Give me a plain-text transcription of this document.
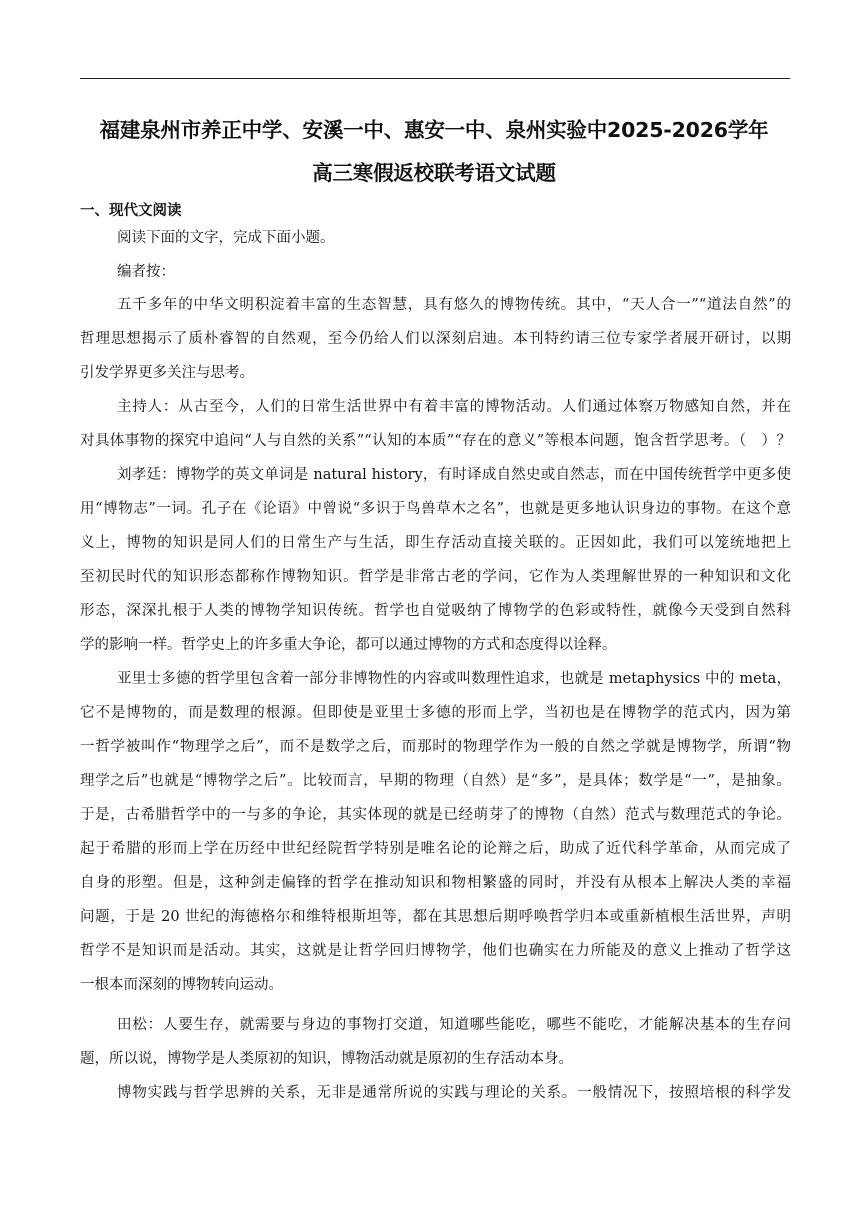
福建泉州市养正中学、安溪一中、惠安一中、泉州实验中2025-2026学年
高三寒假返校联考语文试题
一、现代文阅读

阅读下面的文字，完成下面小题。

编者按：

五千多年的中华文明积淀着丰富的生态智慧，具有悠久的博物传统。其中，“天人合一”“道法自然”的

哲理思想揭示了质朴睿智的自然观，至今仍给人们以深刻启迪。本刊特约请三位专家学者展开研讨，以期

引发学界更多关注与思考。

主持人：从古至今，人们的日常生活世界中有着丰富的博物活动。人们通过体察万物感知自然，并在

对具体事物的探究中追问“人与自然的关系”“认知的本质”“存在的意义”等根本问题，饱含哲学思考。（　）？

刘孝廷：博物学的英文单词是 natural history，有时译成自然史或自然志，而在中国传统哲学中更多使

用“博物志”一词。孔子在《论语》中曾说“多识于鸟兽草木之名”，也就是更多地认识身边的事物。在这个意

义上，博物的知识是同人们的日常生产与生活，即生存活动直接关联的。正因如此，我们可以笼统地把上

至初民时代的知识形态都称作博物知识。哲学是非常古老的学问，它作为人类理解世界的一种知识和文化

形态，深深扎根于人类的博物学知识传统。哲学也自觉吸纳了博物学的色彩或特性，就像今天受到自然科

学的影响一样。哲学史上的许多重大争论，都可以通过博物的方式和态度得以诠释。

亚里士多德的哲学里包含着一部分非博物性的内容或叫数理性追求，也就是 metaphysics 中的 meta，

它不是博物的，而是数理的根源。但即使是亚里士多德的形而上学，当初也是在博物学的范式内，因为第

一哲学被叫作“物理学之后”，而不是数学之后，而那时的物理学作为一般的自然之学就是博物学，所谓“物

理学之后”也就是“博物学之后”。比较而言，早期的物理（自然）是“多”，是具体；数学是“一”，是抽象。

于是，古希腊哲学中的一与多的争论，其实体现的就是已经萌芽了的博物（自然）范式与数理范式的争论。

起于希腊的形而上学在历经中世纪经院哲学特别是唯名论的论辩之后，助成了近代科学革命，从而完成了

自身的形塑。但是，这种剑走偏锋的哲学在推动知识和物相繁盛的同时，并没有从根本上解决人类的幸福

问题，于是 20 世纪的海德格尔和维特根斯坦等，都在其思想后期呼唤哲学归本或重新植根生活世界，声明

哲学不是知识而是活动。其实，这就是让哲学回归博物学，他们也确实在力所能及的意义上推动了哲学这

一根本而深刻的博物转向运动。

田松：人要生存，就需要与身边的事物打交道，知道哪些能吃，哪些不能吃，才能解决基本的生存问

题，所以说，博物学是人类原初的知识，博物活动就是原初的生存活动本身。

博物实践与哲学思辨的关系，无非是通常所说的实践与理论的关系。一般情况下，按照培根的科学发
